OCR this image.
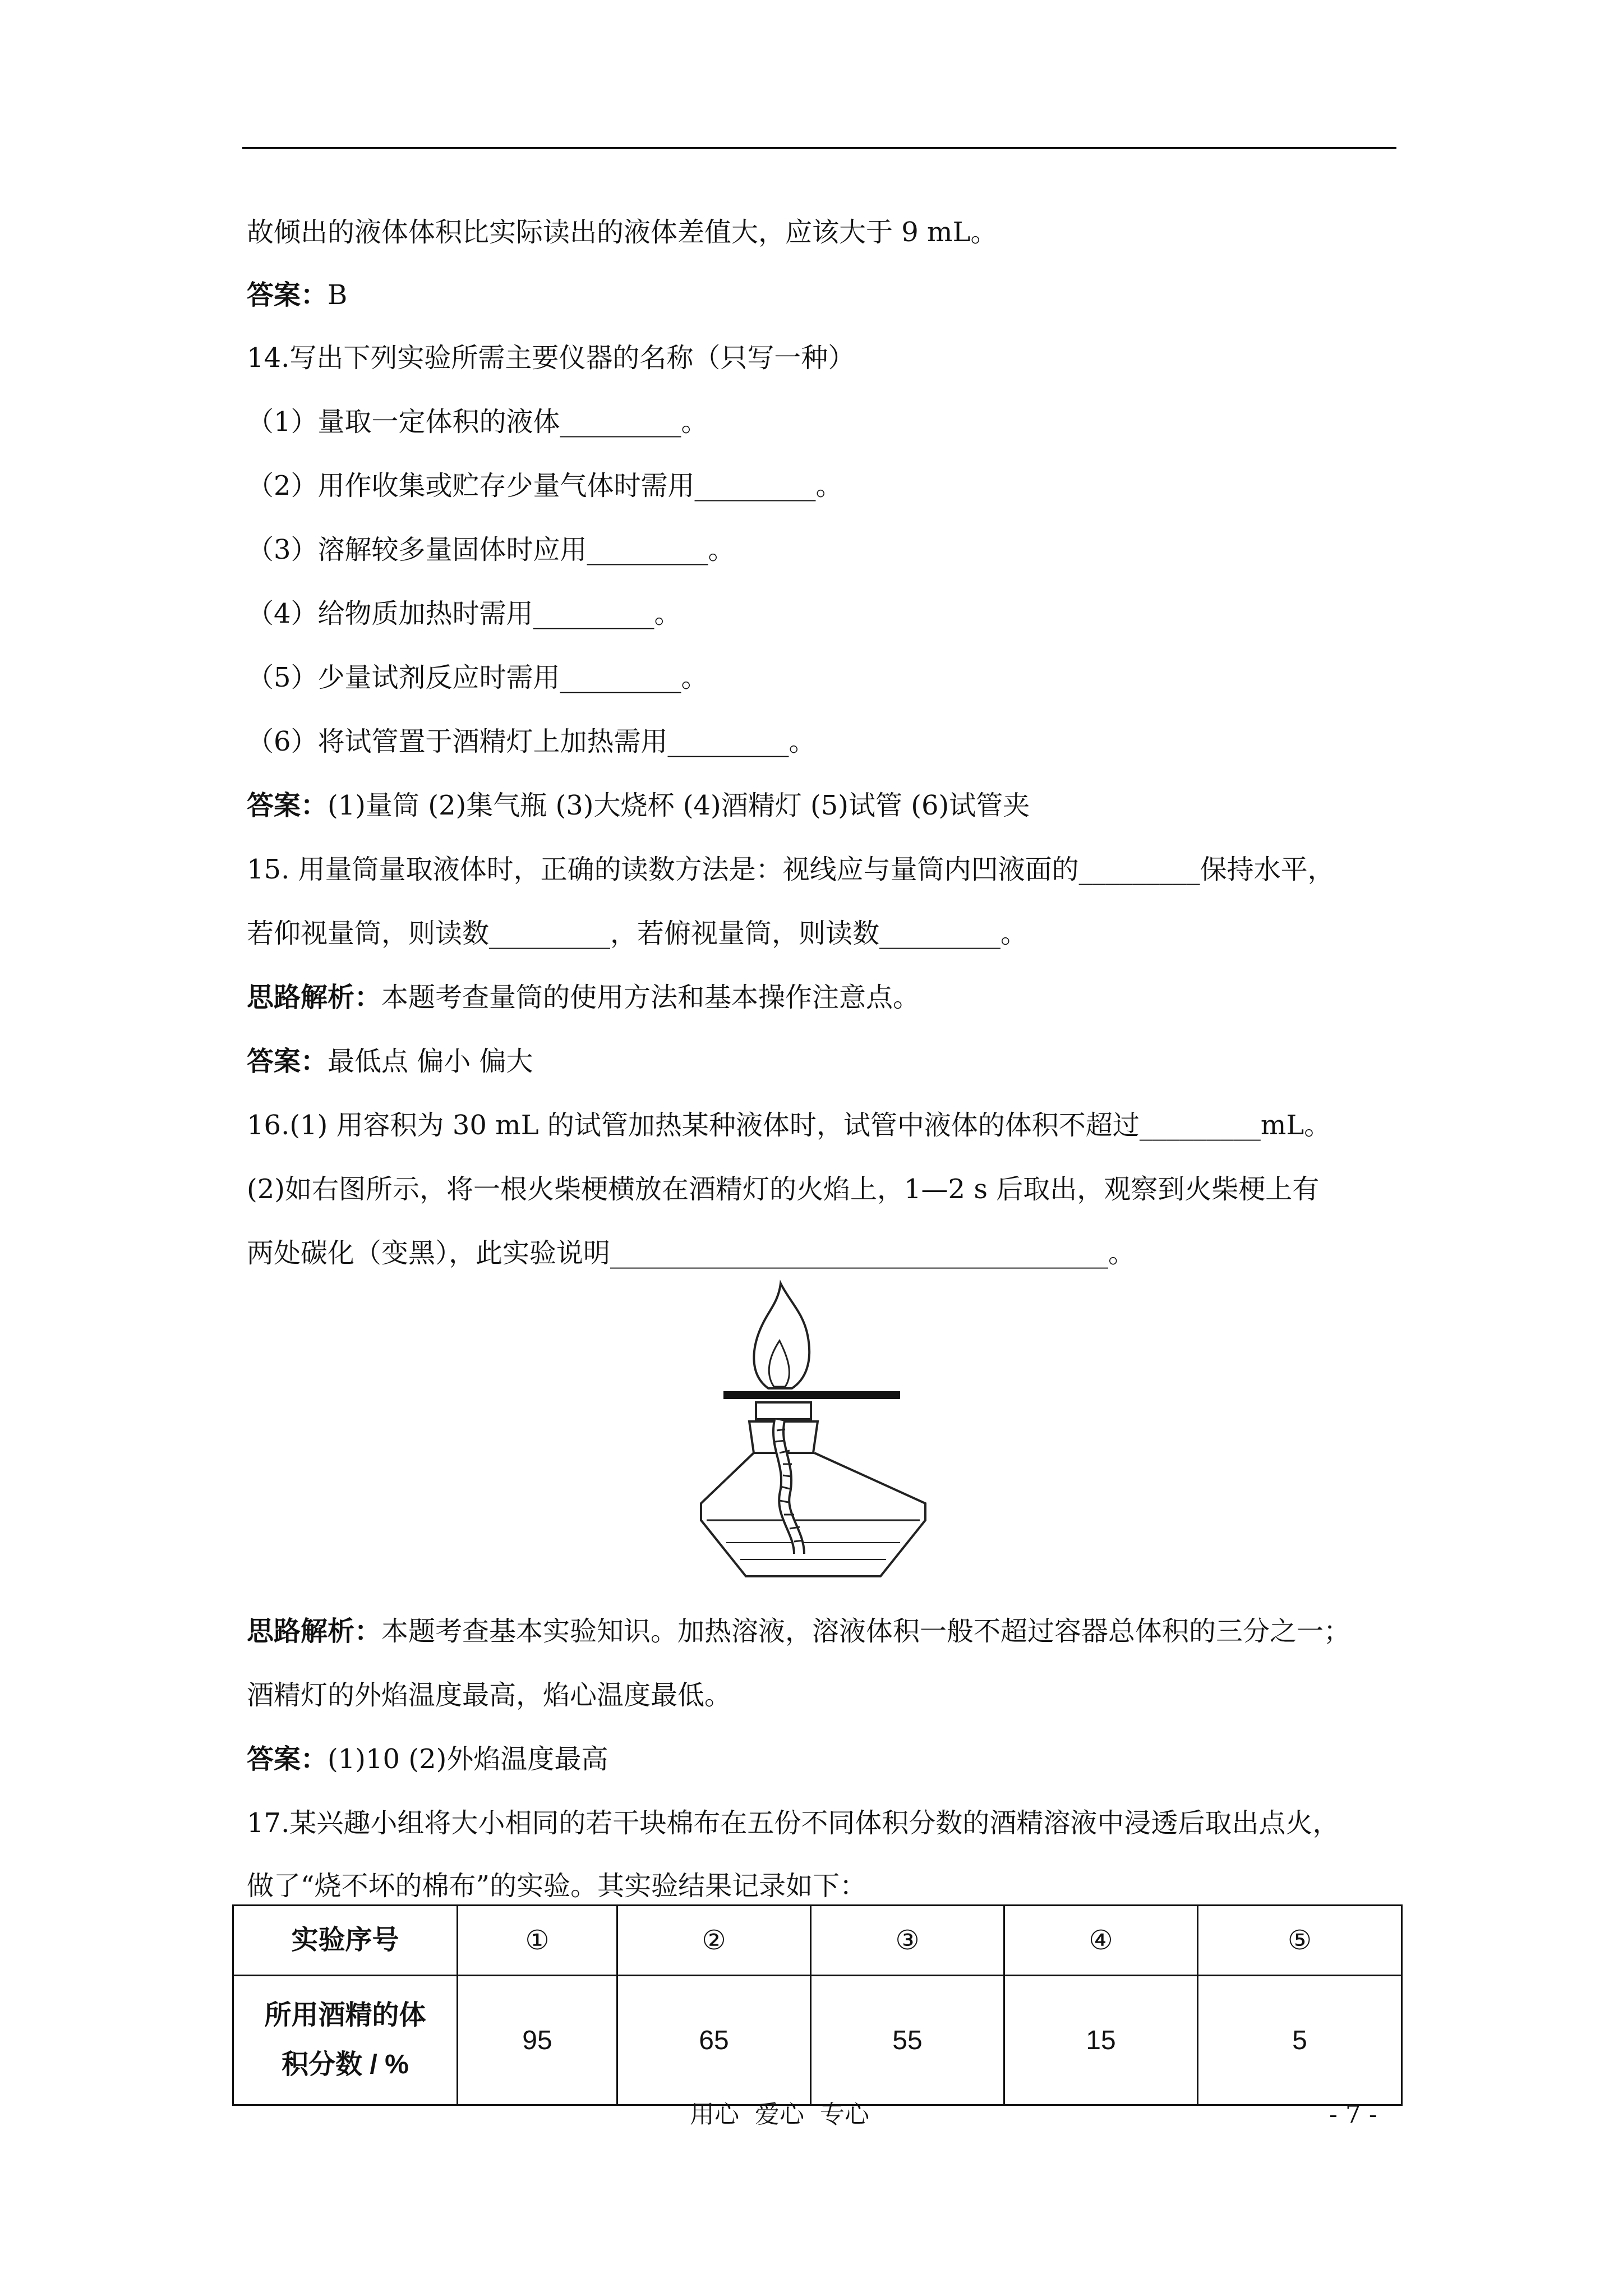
故倾出的液体体积比实际读出的液体差值大，应该大于 9 mL。
答案：B
14.写出下列实验所需主要仪器的名称（只写一种）
（1）量取一定体积的液体_________。
（2）用作收集或贮存少量气体时需用_________。
（3）溶解较多量固体时应用_________。
（4）给物质加热时需用_________。
（5）少量试剂反应时需用_________。
（6）将试管置于酒精灯上加热需用_________。
答案：(1)量筒 (2)集气瓶 (3)大烧杯 (4)酒精灯 (5)试管 (6)试管夹
15. 用量筒量取液体时，正确的读数方法是：视线应与量筒内凹液面的_________保持水平，
若仰视量筒，则读数_________，若俯视量筒，则读数_________。
思路解析：本题考查量筒的使用方法和基本操作注意点。
答案：最低点 偏小 偏大
16.(1) 用容积为 30 mL 的试管加热某种液体时，试管中液体的体积不超过_________mL。
(2)如右图所示，将一根火柴梗横放在酒精灯的火焰上，1—2 s 后取出，观察到火柴梗上有
两处碳化（变黑），此实验说明_____________________________________。
思路解析：本题考查基本实验知识。加热溶液，溶液体积一般不超过容器总体积的三分之一；
酒精灯的外焰温度最高，焰心温度最低。
答案：(1)10 (2)外焰温度最高
17.某兴趣小组将大小相同的若干块棉布在五份不同体积分数的酒精溶液中浸透后取出点火，
做了“烧不坏的棉布”的实验。其实验结果记录如下：
实验序号	①	②	③	④	⑤

所用酒精的体
积分数 / %	95	65	55	15	5
用心  爱心  专心	- 7 -
